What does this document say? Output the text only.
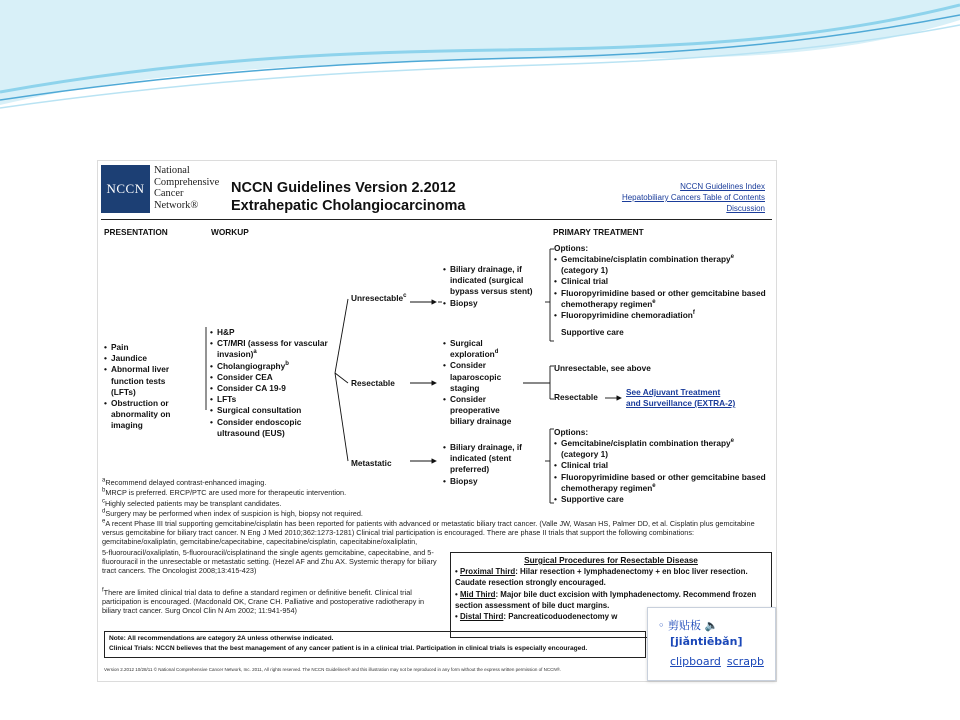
NCCN
National
Comprehensive
Cancer
Network®
NCCN Guidelines Version 2.2012
Extrahepatic Cholangiocarcinoma
NCCN Guidelines Index
Hepatobiliary Cancers Table of Contents
Discussion
PRESENTATION	WORKUP	PRIMARY TREATMENT
• Pain
• Jaundice
• Abnormal liver function tests (LFTs)
• Obstruction or abnormality on imaging
• H&P
• CT/MRI (assess for vascular invasion)$^a$
• Cholangiography$^b$
• Consider CEA
• Consider CA 19-9
• LFTs
• Surgical consultation
• Consider endoscopic ultrasound (EUS)
Unresectable$^c$
Resectable
Metastatic
• Biliary drainage, if indicated (surgical bypass versus stent)
• Biopsy
• Surgical exploration$^d$
• Consider laparoscopic staging
• Consider preoperative biliary drainage
• Biliary drainage, if indicated (stent preferred)
• Biopsy
Options:
• Gemcitabine/cisplatin combination therapy$^e$
(category 1)
• Clinical trial
• Fluoropyrimidine based or other gemcitabine based chemotherapy regimen$^e$
• Fluoropyrimidine chemoradiation$^f$
Supportive care
Unresectable, see above
Resectable	See Adjuvant Treatment
and Surveillance (EXTRA-2)
Options:
• Gemcitabine/cisplatin combination therapy$^e$
(category 1)
• Clinical trial
• Fluoropyrimidine based or other gemcitabine based chemotherapy regimen$^e$
• Supportive care
$^a$Recommend delayed contrast-enhanced imaging.
$^b$MRCP is preferred. ERCP/PTC are used more for therapeutic intervention.
$^c$Highly selected patients may be transplant candidates.
$^d$Surgery may be performed when index of suspicion is high, biopsy not required.
$^e$A recent Phase III trial supporting gemcitabine/cisplatin has been reported for patients with advanced or metastatic biliary tract cancer. (Valle JW, Wasan HS, Palmer DD, et al. Cisplatin plus gemcitabine versus gemcitabine for biliary tract cancer. N Eng J Med 2010;362:1273-1281) Clinical trial participation is encouraged. There are phase II trials that support the following combinations: gemcitabine/oxaliplatin, gemcitabine/capecitabine, capecitabine/cisplatin, capecitabine/oxaliplatin,
5-fluorouracil/oxaliplatin, 5-fluorouracil/cisplatinand the single agents gemcitabine, capecitabine, and 5-fluorouracil in the unresectable or metastatic setting. (Hezel AF and Zhu AX. Systemic therapy for biliary tract cancers. The Oncologist 2008;13:415-423)
$^f$There are limited clinical trial data to define a standard regimen or definitive benefit. Clinical trial participation is encouraged. (Macdonald OK, Crane CH. Palliative and postoperative radiotherapy in biliary tract cancer. Surg Oncol Clin N Am 2002; 11:941-954)
Surgical Procedures for Resectable Disease
• Proximal Third: Hilar resection + lymphadenectomy + en bloc liver resection. Caudate resection strongly encouraged.
• Mid Third: Major bile duct excision with lymphadenectomy. Recommend frozen section assessment of bile duct margins.
• Distal Third: Pancreaticoduodenectomy w
Note: All recommendations are category 2A unless otherwise indicated.
Clinical Trials: NCCN believes that the best management of any cancer patient is in a clinical trial. Participation in clinical trials is especially encouraged.
Version 2.2012 10/28/11 © National Comprehensive Cancer Network, Inc. 2011, All rights reserved. The NCCN Guidelines® and this illustration may not be reproduced in any form without the express written permission of NCCN®.
◦ 剪贴板 🔈
[jiǎntiēbǎn]
clipboard scrapb
